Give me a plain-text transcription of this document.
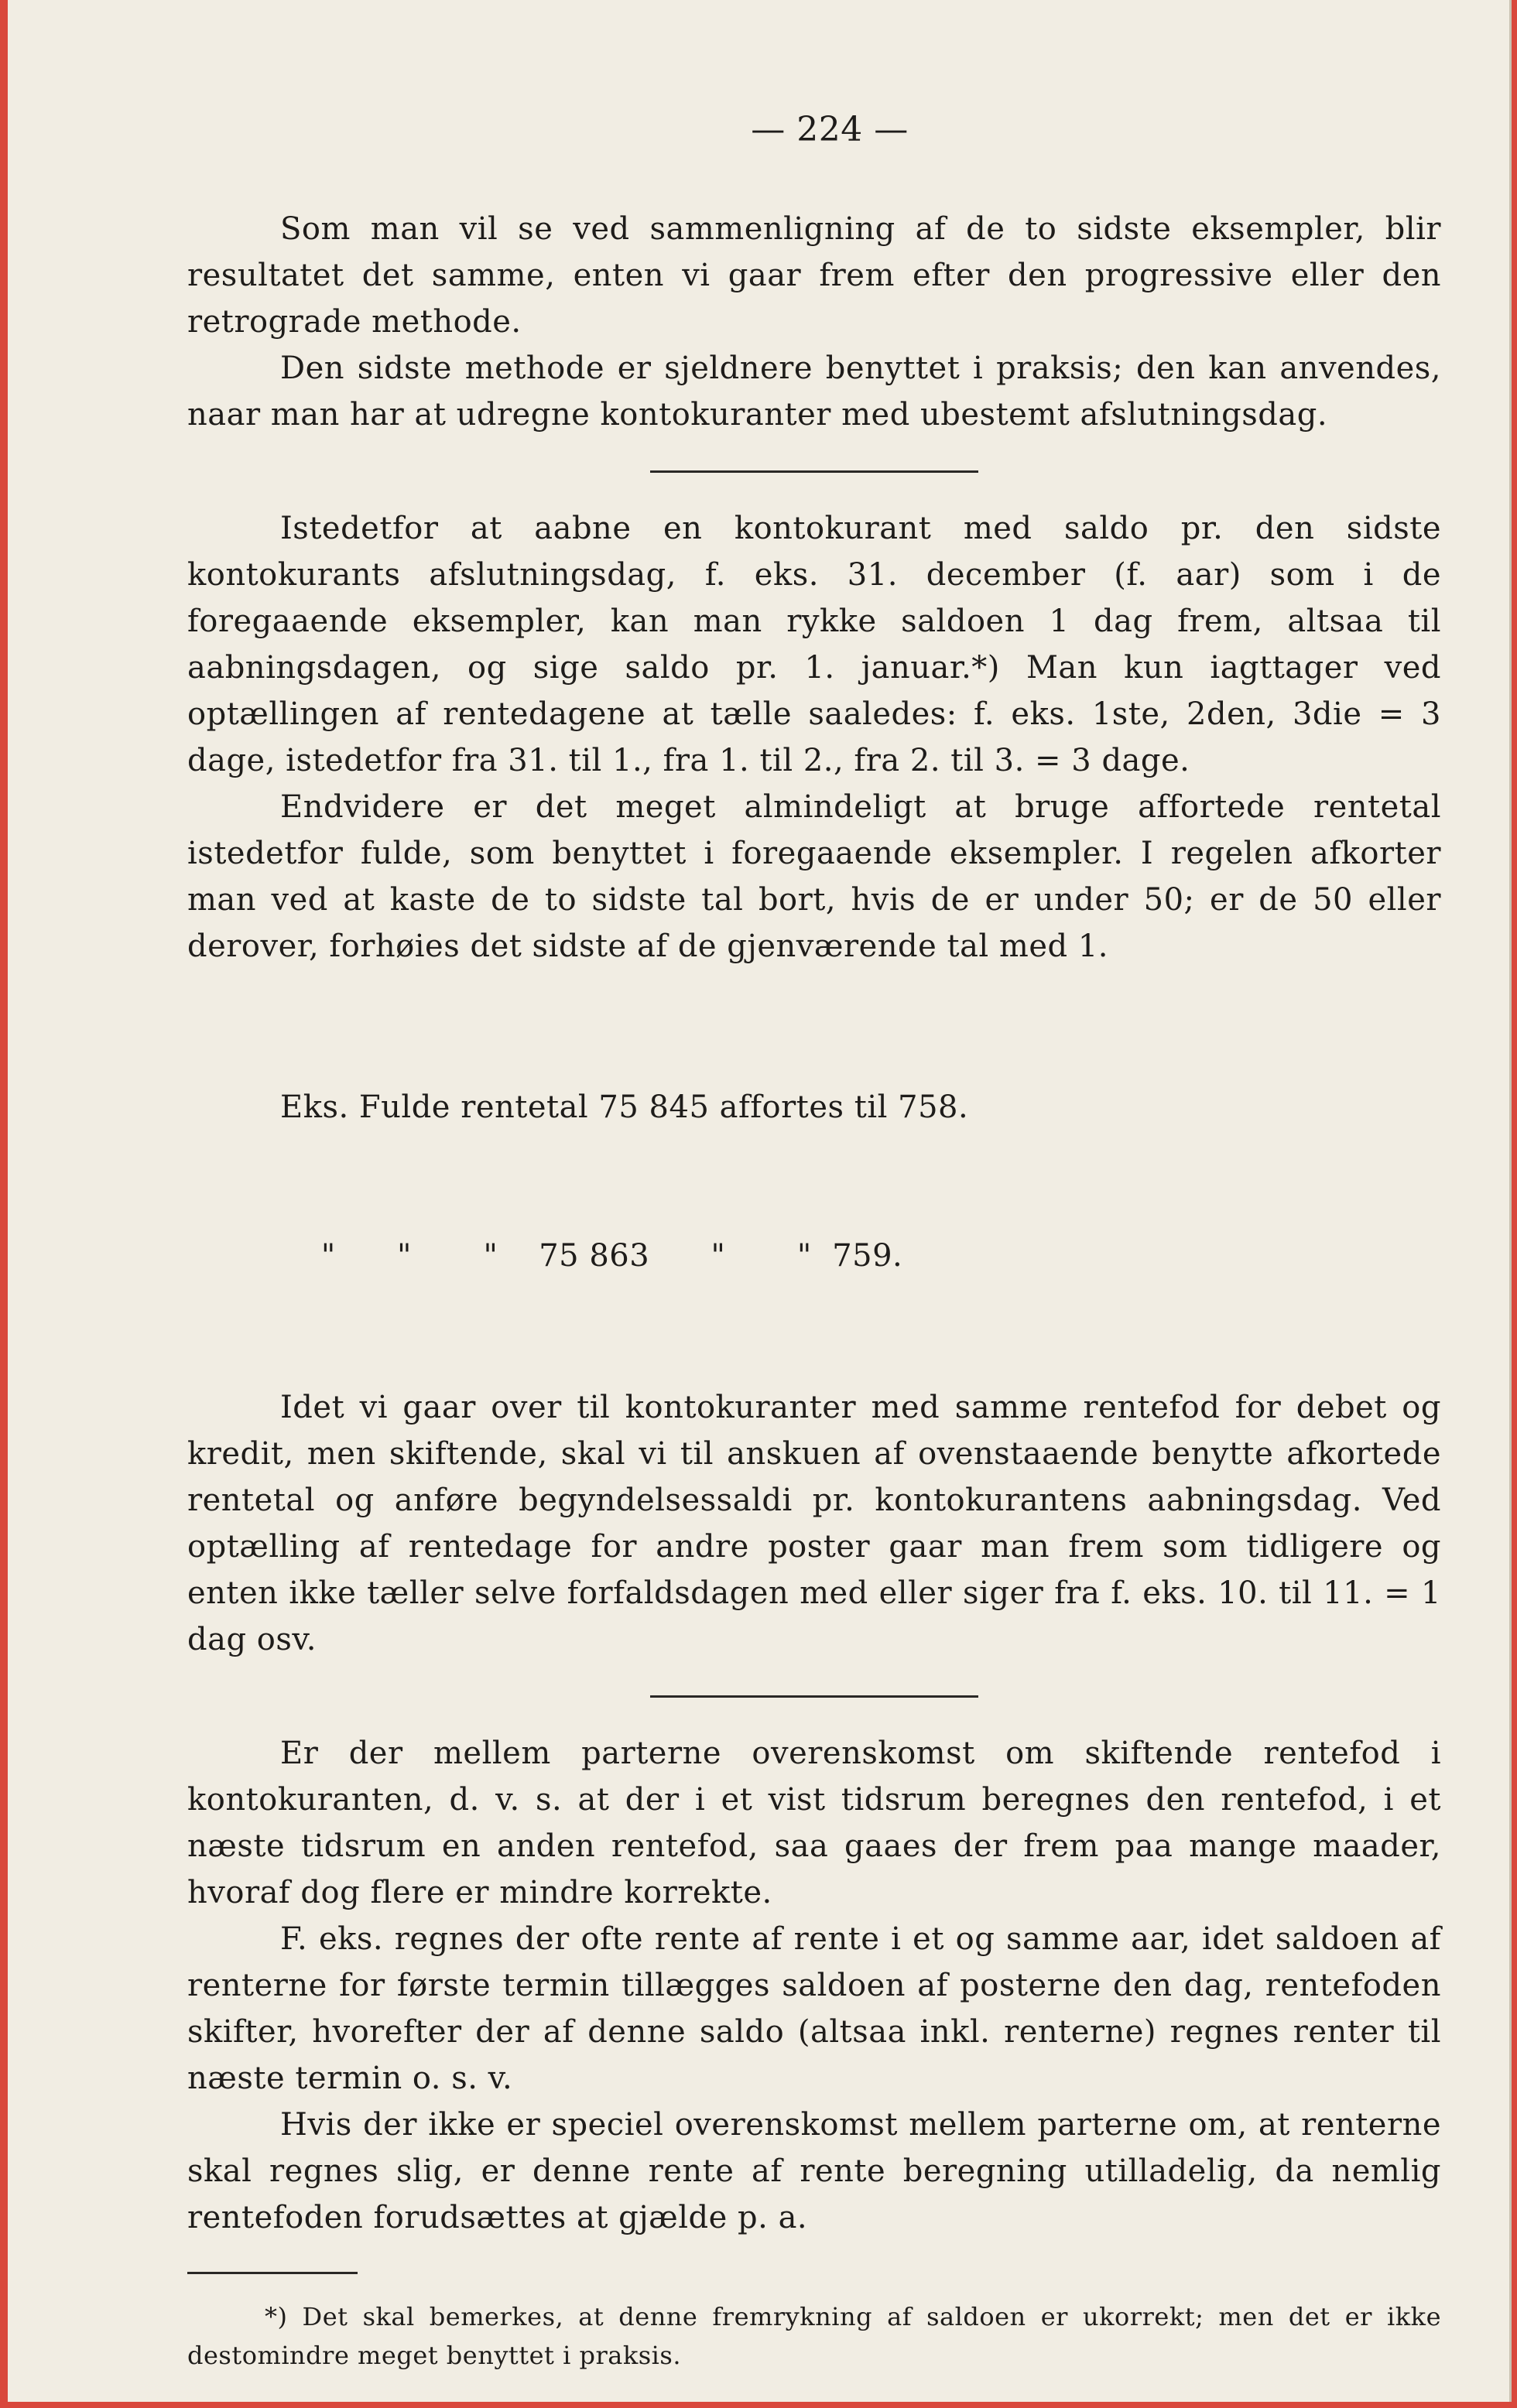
— 224 —

Som man vil se ved sammenligning af de to sidste eksempler, blir resultatet det samme, enten vi gaar frem efter den progressive eller den retrograde methode.

Den sidste methode er sjeldnere benyttet i praksis; den kan anvendes, naar man har at udregne kontokuranter med ubestemt afslutningsdag.

Istedetfor at aabne en kontokurant med saldo pr. den sidste kontokurants afslutningsdag, f. eks. 31. december (f. aar) som i de foregaaende eksempler, kan man rykke saldoen 1 dag frem, altsaa til aabningsdagen, og sige saldo pr. 1. januar.*) Man kun iagttager ved optællingen af rentedagene at tælle saaledes: f. eks. 1ste, 2den, 3die = 3 dage, istedetfor fra 31. til 1., fra 1. til 2., fra 2. til 3. = 3 dage.

Endvidere er det meget almindeligt at bruge affortede rentetal istedetfor fulde, som benyttet i foregaaende eksempler. I regelen afkorter man ved at kaste de to sidste tal bort, hvis de er under 50; er de 50 eller derover, forhøies det sidste af de gjenværende tal med 1.

Eks. Fulde rentetal 75 845 affortes til 758.

"      "       "    75 863      "       "  759.

Idet vi gaar over til kontokuranter med samme rentefod for debet og kredit, men skiftende, skal vi til anskuen af ovenstaaende benytte afkortede rentetal og anføre begyndelsessaldi pr. kontokurantens aabningsdag. Ved optælling af rentedage for andre poster gaar man frem som tidligere og enten ikke tæller selve forfaldsdagen med eller siger fra f. eks. 10. til 11. = 1 dag osv.

Er der mellem parterne overenskomst om skiftende rentefod i kontokuranten, d. v. s. at der i et vist tidsrum beregnes den rentefod, i et næste tidsrum en anden rentefod, saa gaaes der frem paa mange maader, hvoraf dog flere er mindre korrekte.

F. eks. regnes der ofte rente af rente i et og samme aar, idet saldoen af renterne for første termin tillægges saldoen af posterne den dag, rentefoden skifter, hvorefter der af denne saldo (altsaa inkl. renterne) regnes renter til næste termin o. s. v.

Hvis der ikke er speciel overenskomst mellem parterne om, at renterne skal regnes slig, er denne rente af rente beregning utilladelig, da nemlig rentefoden forudsættes at gjælde p. a.

*) Det skal bemerkes, at denne fremrykning af saldoen er ukorrekt; men det er ikke destomindre meget benyttet i praksis.
